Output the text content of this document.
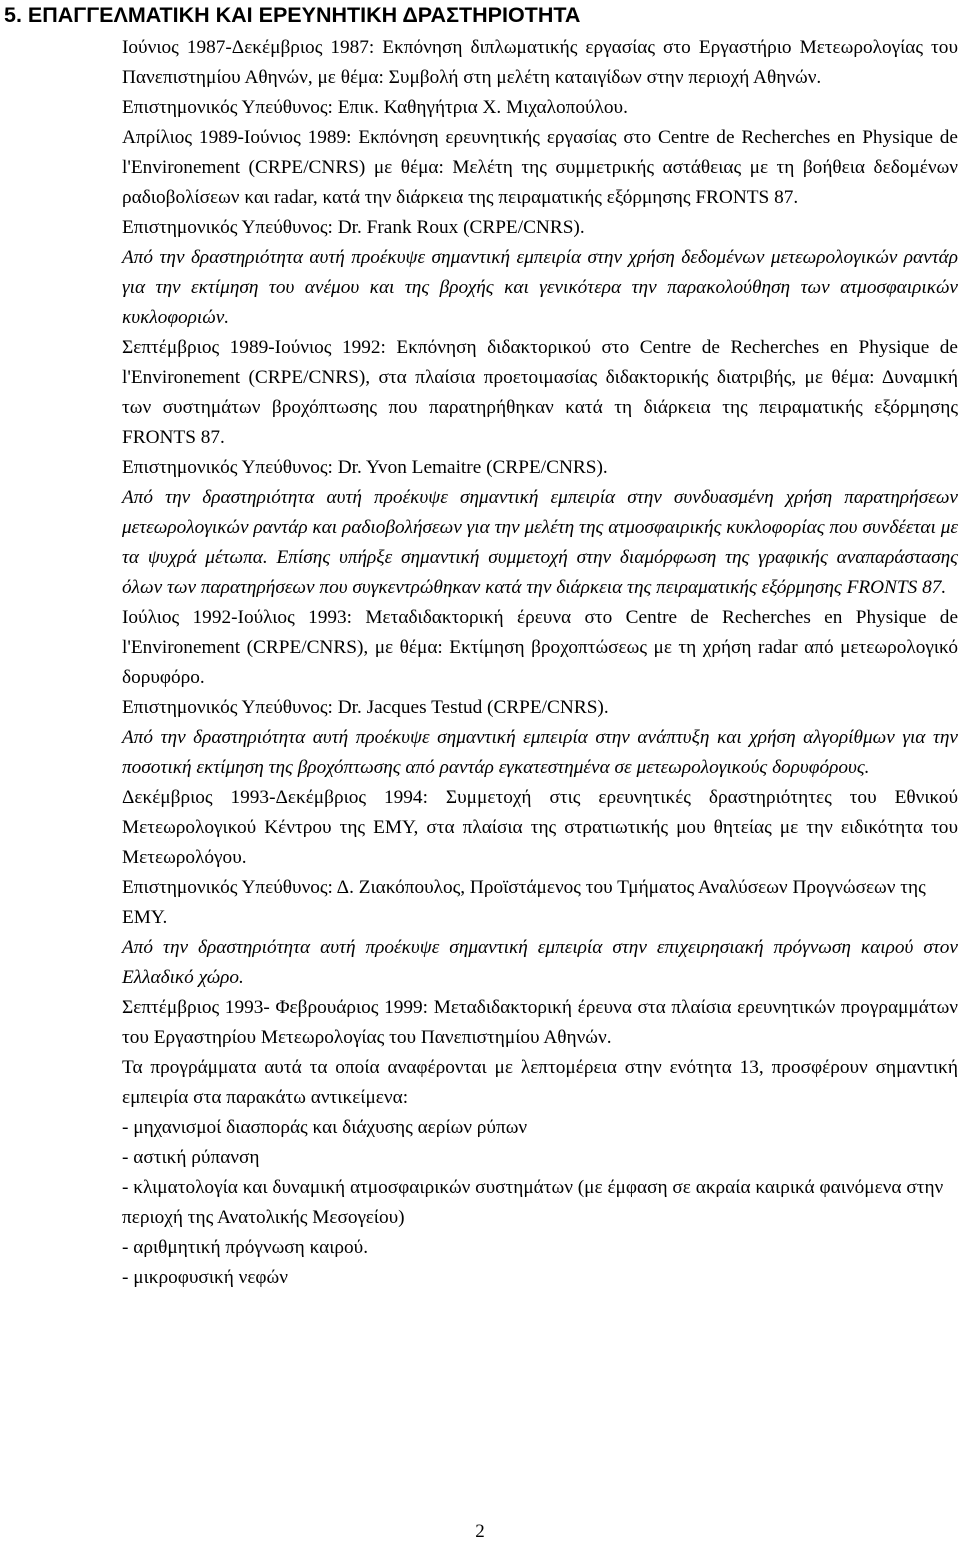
5. ΕΠΑΓΓΕΛΜΑΤΙΚΗ ΚΑΙ ΕΡΕΥΝΗΤΙΚΗ ΔΡΑΣΤΗΡΙΟΤΗΤΑ

Ιούνιος 1987-Δεκέμβριος 1987: Εκπόνηση διπλωματικής εργασίας στο Εργαστήριο Μετεωρολογίας του Πανεπιστημίου Αθηνών, με θέμα: Συμβολή στη μελέτη καταιγίδων στην περιοχή Αθηνών.

Επιστημονικός Υπεύθυνος: Επικ. Καθηγήτρια Χ. Μιχαλοπούλου.

Απρίλιος 1989-Ιούνιος 1989: Εκπόνηση ερευνητικής εργασίας στο Centre de Recherches en Physique de l'Environement (CRPE/CNRS) με θέμα: Μελέτη της συμμετρικής αστάθειας με τη βοήθεια δεδομένων ραδιοβολίσεων και radar, κατά την διάρκεια της πειραματικής εξόρμησης FRONTS 87.

Επιστημονικός Υπεύθυνος: Dr. Frank Roux (CRPE/CNRS).
Από την δραστηριότητα αυτή προέκυψε σημαντική εμπειρία στην χρήση δεδομένων μετεωρολογικών ραντάρ για την εκτίμηση του ανέμου και της βροχής και γενικότερα την παρακολούθηση των ατμοσφαιρικών κυκλοφοριών.

Σεπτέμβριος 1989-Ιούνιος 1992: Εκπόνηση διδακτορικού στο Centre de Recherches en Physique de l'Environement (CRPE/CNRS), στα πλαίσια προετοιμασίας διδακτορικής διατριβής, με θέμα: Δυναμική των συστημάτων βροχόπτωσης που παρατηρήθηκαν κατά τη διάρκεια της πειραματικής εξόρμησης FRONTS 87.

Επιστημονικός Υπεύθυνος: Dr. Yvon Lemaitre (CRPE/CNRS).
Από την δραστηριότητα αυτή προέκυψε σημαντική εμπειρία στην συνδυασμένη χρήση παρατηρήσεων μετεωρολογικών ραντάρ και ραδιοβολήσεων για την μελέτη της ατμοσφαιρικής κυκλοφορίας που συνδέεται με τα ψυχρά μέτωπα. Επίσης υπήρξε σημαντική συμμετοχή στην διαμόρφωση της γραφικής αναπαράστασης όλων των παρατηρήσεων που συγκεντρώθηκαν κατά την διάρκεια της πειραματικής εξόρμησης FRONTS 87.

Ιούλιος 1992-Ιούλιος 1993: Μεταδιδακτορική έρευνα στο Centre de Recherches en Physique de l'Environement (CRPE/CNRS), με θέμα: Εκτίμηση βροχοπτώσεως με τη χρήση radar από μετεωρολογικό δορυφόρο.

Επιστημονικός Υπεύθυνος: Dr. Jacques Testud (CRPE/CNRS).
Από την δραστηριότητα αυτή προέκυψε σημαντική εμπειρία στην ανάπτυξη και χρήση αλγορίθμων για την ποσοτική εκτίμηση της βροχόπτωσης από ραντάρ εγκατεστημένα σε μετεωρολογικούς δορυφόρους.

Δεκέμβριος 1993-Δεκέμβριος 1994: Συμμετοχή στις ερευνητικές δραστηριότητες του Εθνικού Μετεωρολογικού Κέντρου της ΕΜΥ, στα πλαίσια της στρατιωτικής μου θητείας με την ειδικότητα του Μετεωρολόγου.

Επιστημονικός Υπεύθυνος: Δ. Ζιακόπουλος, Προϊστάμενος του Τμήματος Αναλύσεων Προγνώσεων της ΕΜΥ.
Από την δραστηριότητα αυτή προέκυψε σημαντική εμπειρία στην επιχειρησιακή πρόγνωση καιρού στον Ελλαδικό χώρο.

Σεπτέμβριος 1993- Φεβρουάριος 1999: Μεταδιδακτορική έρευνα στα πλαίσια ερευνητικών προγραμμάτων του Εργαστηρίου Μετεωρολογίας του Πανεπιστημίου Αθηνών.

Τα προγράμματα αυτά τα οποία αναφέρονται με λεπτομέρεια στην ενότητα 13, προσφέρουν σημαντική εμπειρία στα παρακάτω αντικείμενα:
- μηχανισμοί διασποράς και διάχυσης αερίων ρύπων
- αστική ρύπανση
- κλιματολογία και δυναμική ατμοσφαιρικών συστημάτων (με έμφαση σε ακραία καιρικά φαινόμενα στην περιοχή της Ανατολικής Μεσογείου)
- αριθμητική πρόγνωση καιρού.
- μικροφυσική νεφών
2
